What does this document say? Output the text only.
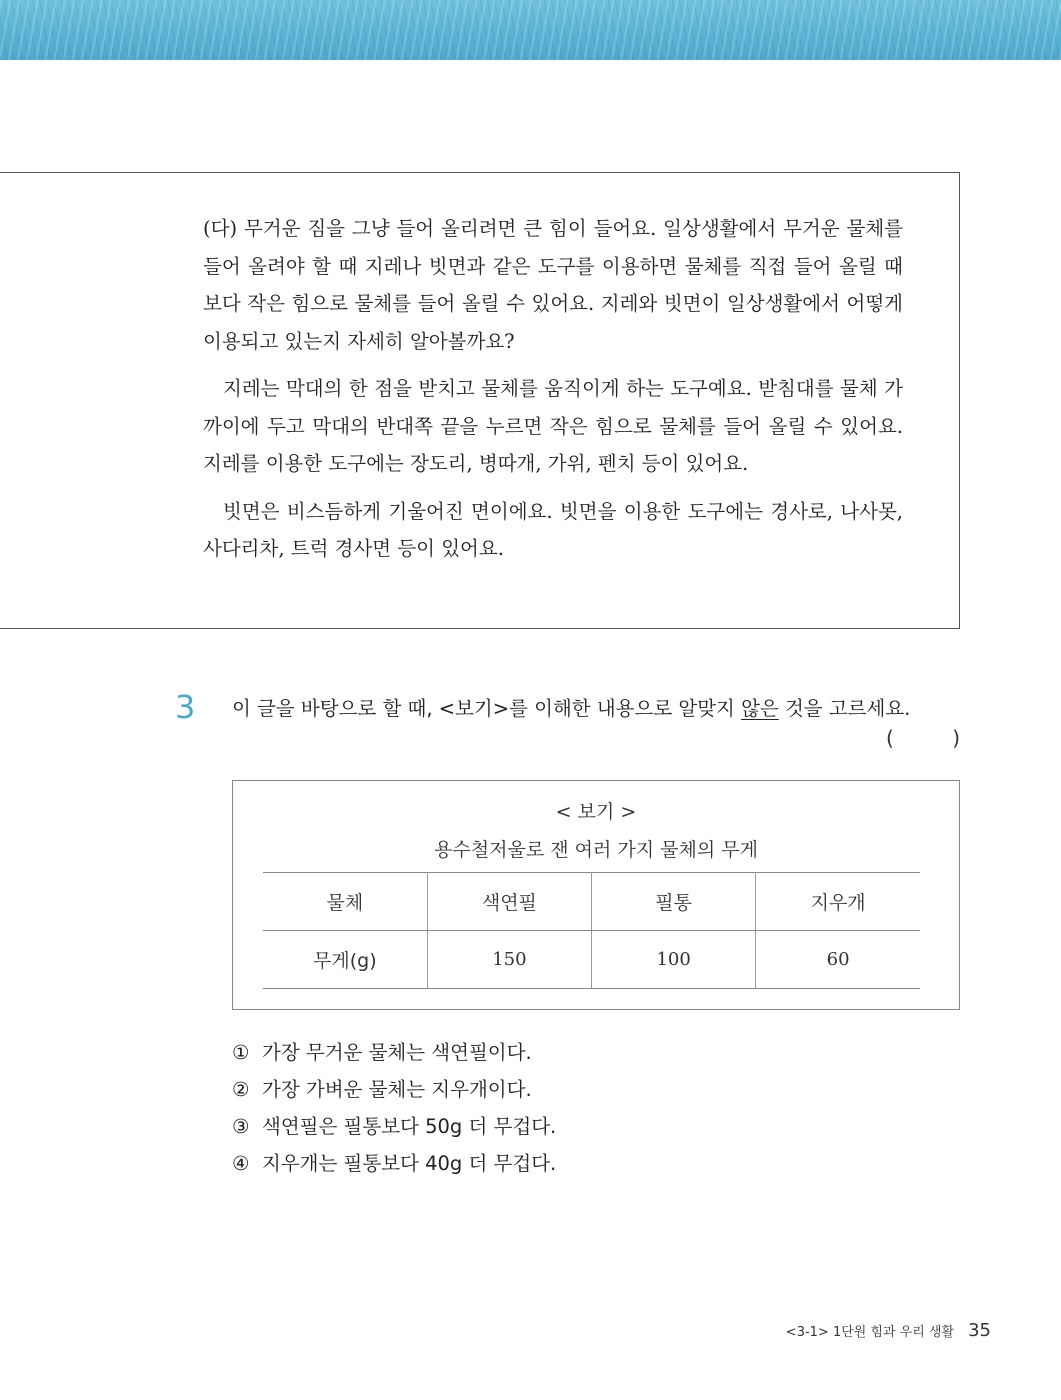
(다) 무거운 짐을 그냥 들어 올리려면 큰 힘이 들어요. 일상생활에서 무거운 물체를 들어 올려야 할 때 지레나 빗면과 같은 도구를 이용하면 물체를 직접 들어 올릴 때보다 작은 힘으로 물체를 들어 올릴 수 있어요. 지레와 빗면이 일상생활에서 어떻게 이용되고 있는지 자세히 알아볼까요?

지레는 막대의 한 점을 받치고 물체를 움직이게 하는 도구예요. 받침대를 물체 가까이에 두고 막대의 반대쪽 끝을 누르면 작은 힘으로 물체를 들어 올릴 수 있어요. 지레를 이용한 도구에는 장도리, 병따개, 가위, 펜치 등이 있어요.

빗면은 비스듬하게 기울어진 면이에요. 빗면을 이용한 도구에는 경사로, 나사못, 사다리차, 트럭 경사면 등이 있어요.

3 이 글을 바탕으로 할 때, <보기>를 이해한 내용으로 알맞지 않은 것을 고르세요.
(	)
< 보기 >
용수철저울로 잰 여러 가지 물체의 무게
물체	색연필	필통	지우개
무게(g)	150	100	60
① 가장 무거운 물체는 색연필이다.
② 가장 가벼운 물체는 지우개이다.
③ 색연필은 필통보다 50g 더 무겁다.
④ 지우개는 필통보다 40g 더 무겁다.
<3-1> 1단원 힘과 우리 생활 35
